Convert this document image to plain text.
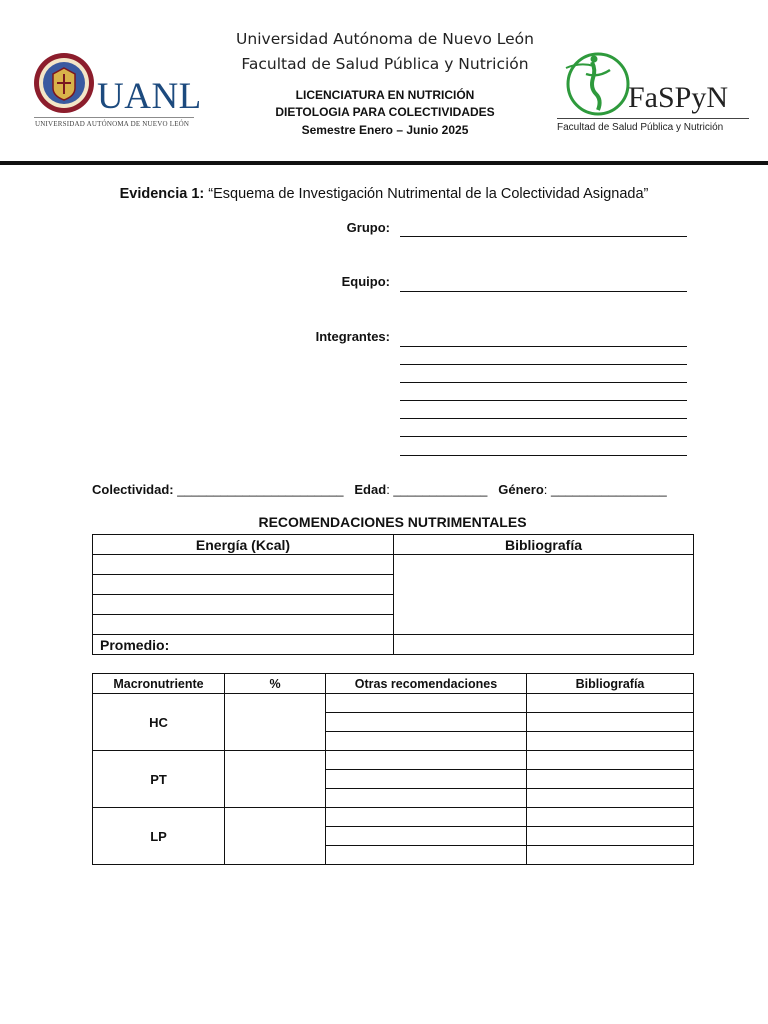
Universidad Autónoma de Nuevo León
Facultad de Salud Pública y Nutrición
LICENCIATURA EN NUTRICIÓN
DIETOLOGIA PARA COLECTIVIDADES
Semestre Enero – Junio 2025
UANL
UNIVERSIDAD AUTÓNOMA DE NUEVO LEÓN
FaSPyN
Facultad de Salud Pública y Nutrición
Evidencia 1: “Esquema de Investigación Nutrimental de la Colectividad Asignada”
Grupo:
Equipo:
Integrantes:
Colectividad: _______________________ Edad: _____________ Género: ________________
RECOMENDACIONES NUTRIMENTALES
Energía (Kcal)	Bibliografía

Promedio:	
Macronutriente	%	Otras recomendaciones	Bibliografía
HC			

PT			

LP			
